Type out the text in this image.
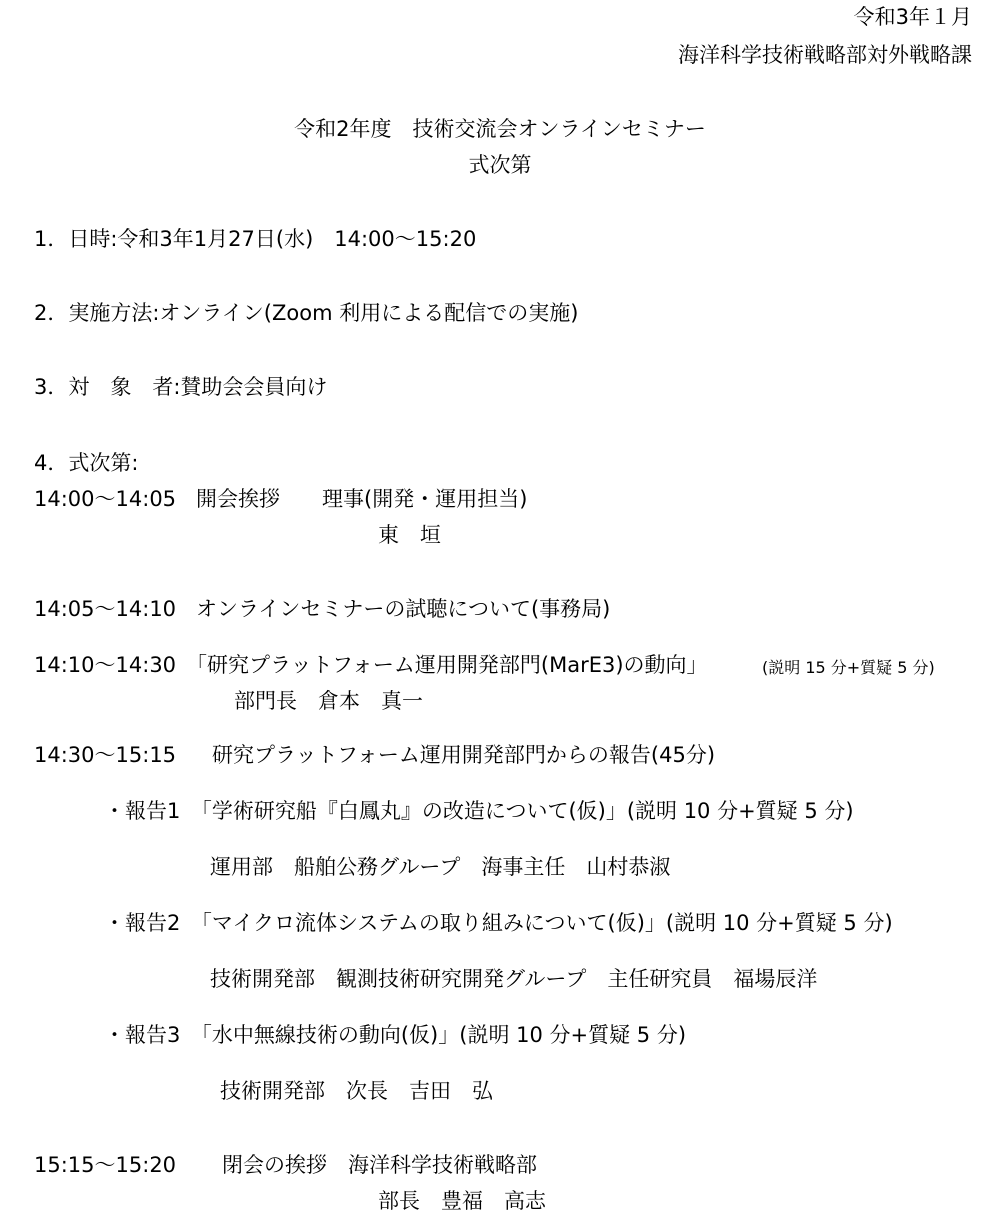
令和3年１月
海洋科学技術戦略部対外戦略課
令和2年度　技術交流会オンラインセミナー
式次第
1．日時:令和3年1月27日(水)　14:00～15:20
2．実施方法:オンライン(Zoom 利用による配信での実施)
3．対　象　者:賛助会会員向け
4．式次第:
14:00～14:05 開会挨拶　　理事(開発・運用担当)
東　垣
14:05～14:10 オンラインセミナーの試聴について(事務局)
14:10～14:30 「研究プラットフォーム運用開発部門(MarE3)の動向」	(説明 15 分+質疑 5 分)
部門長　倉本　真一
14:30～15:15 研究プラットフォーム運用開発部門からの報告(45分)
・報告1　「学術研究船『白鳳丸』の改造について(仮)」(説明 10 分+質疑 5 分)
運用部　船舶公務グループ　海事主任　山村恭淑
・報告2　「マイクロ流体システムの取り組みについて(仮)」(説明 10 分+質疑 5 分)
技術開発部　観測技術研究開発グループ　主任研究員　福場辰洋
・報告3　「水中無線技術の動向(仮)」(説明 10 分+質疑 5 分)
技術開発部　次長　吉田　弘
15:15～15:20 閉会の挨拶　海洋科学技術戦略部
部長　豊福　高志
